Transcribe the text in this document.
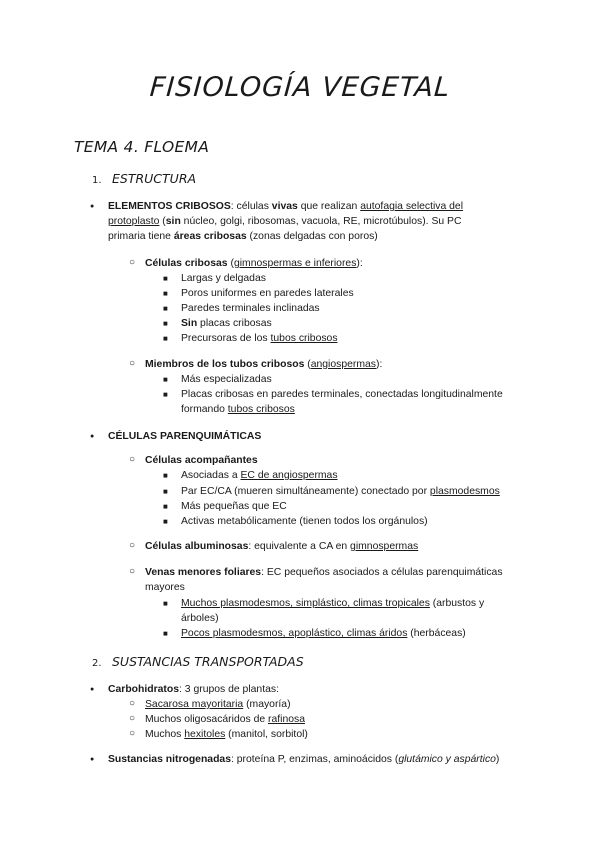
FISIOLOGÍA VEGETAL
TEMA 4. FLOEMA
1. ESTRUCTURA
● ELEMENTOS CRIBOSOS: células vivas que realizan autofagia selectiva del
protoplasto (sin núcleo, golgi, ribosomas, vacuola, RE, microtúbulos). Su PC
primaria tiene áreas cribosas (zonas delgadas con poros)
○ Células cribosas (gimnospermas e inferiores):
■ Largas y delgadas
■ Poros uniformes en paredes laterales
■ Paredes terminales inclinadas
■ Sin placas cribosas
■ Precursoras de los tubos cribosos
○ Miembros de los tubos cribosos (angiospermas):
■ Más especializadas
■ Placas cribosas en paredes terminales, conectadas longitudinalmente
formando tubos cribosos
● CÉLULAS PARENQUIMÁTICAS
○ Células acompañantes
■ Asociadas a EC de angiospermas
■ Par EC/CA (mueren simultáneamente) conectado por plasmodesmos
■ Más pequeñas que EC
■ Activas metabólicamente (tienen todos los orgánulos)
○ Células albuminosas: equivalente a CA en gimnospermas
○ Venas menores foliares: EC pequeños asociados a células parenquimáticas
mayores
■ Muchos plasmodesmos, simplástico, climas tropicales (arbustos y
árboles)
■ Pocos plasmodesmos, apoplástico, climas áridos (herbáceas)
2. SUSTANCIAS TRANSPORTADAS
● Carbohidratos: 3 grupos de plantas:
○ Sacarosa mayoritaria (mayoría)
○ Muchos oligosacáridos de rafinosa
○ Muchos hexitoles (manitol, sorbitol)
● Sustancias nitrogenadas: proteína P, enzimas, aminoácidos (glutámico y aspártico)
